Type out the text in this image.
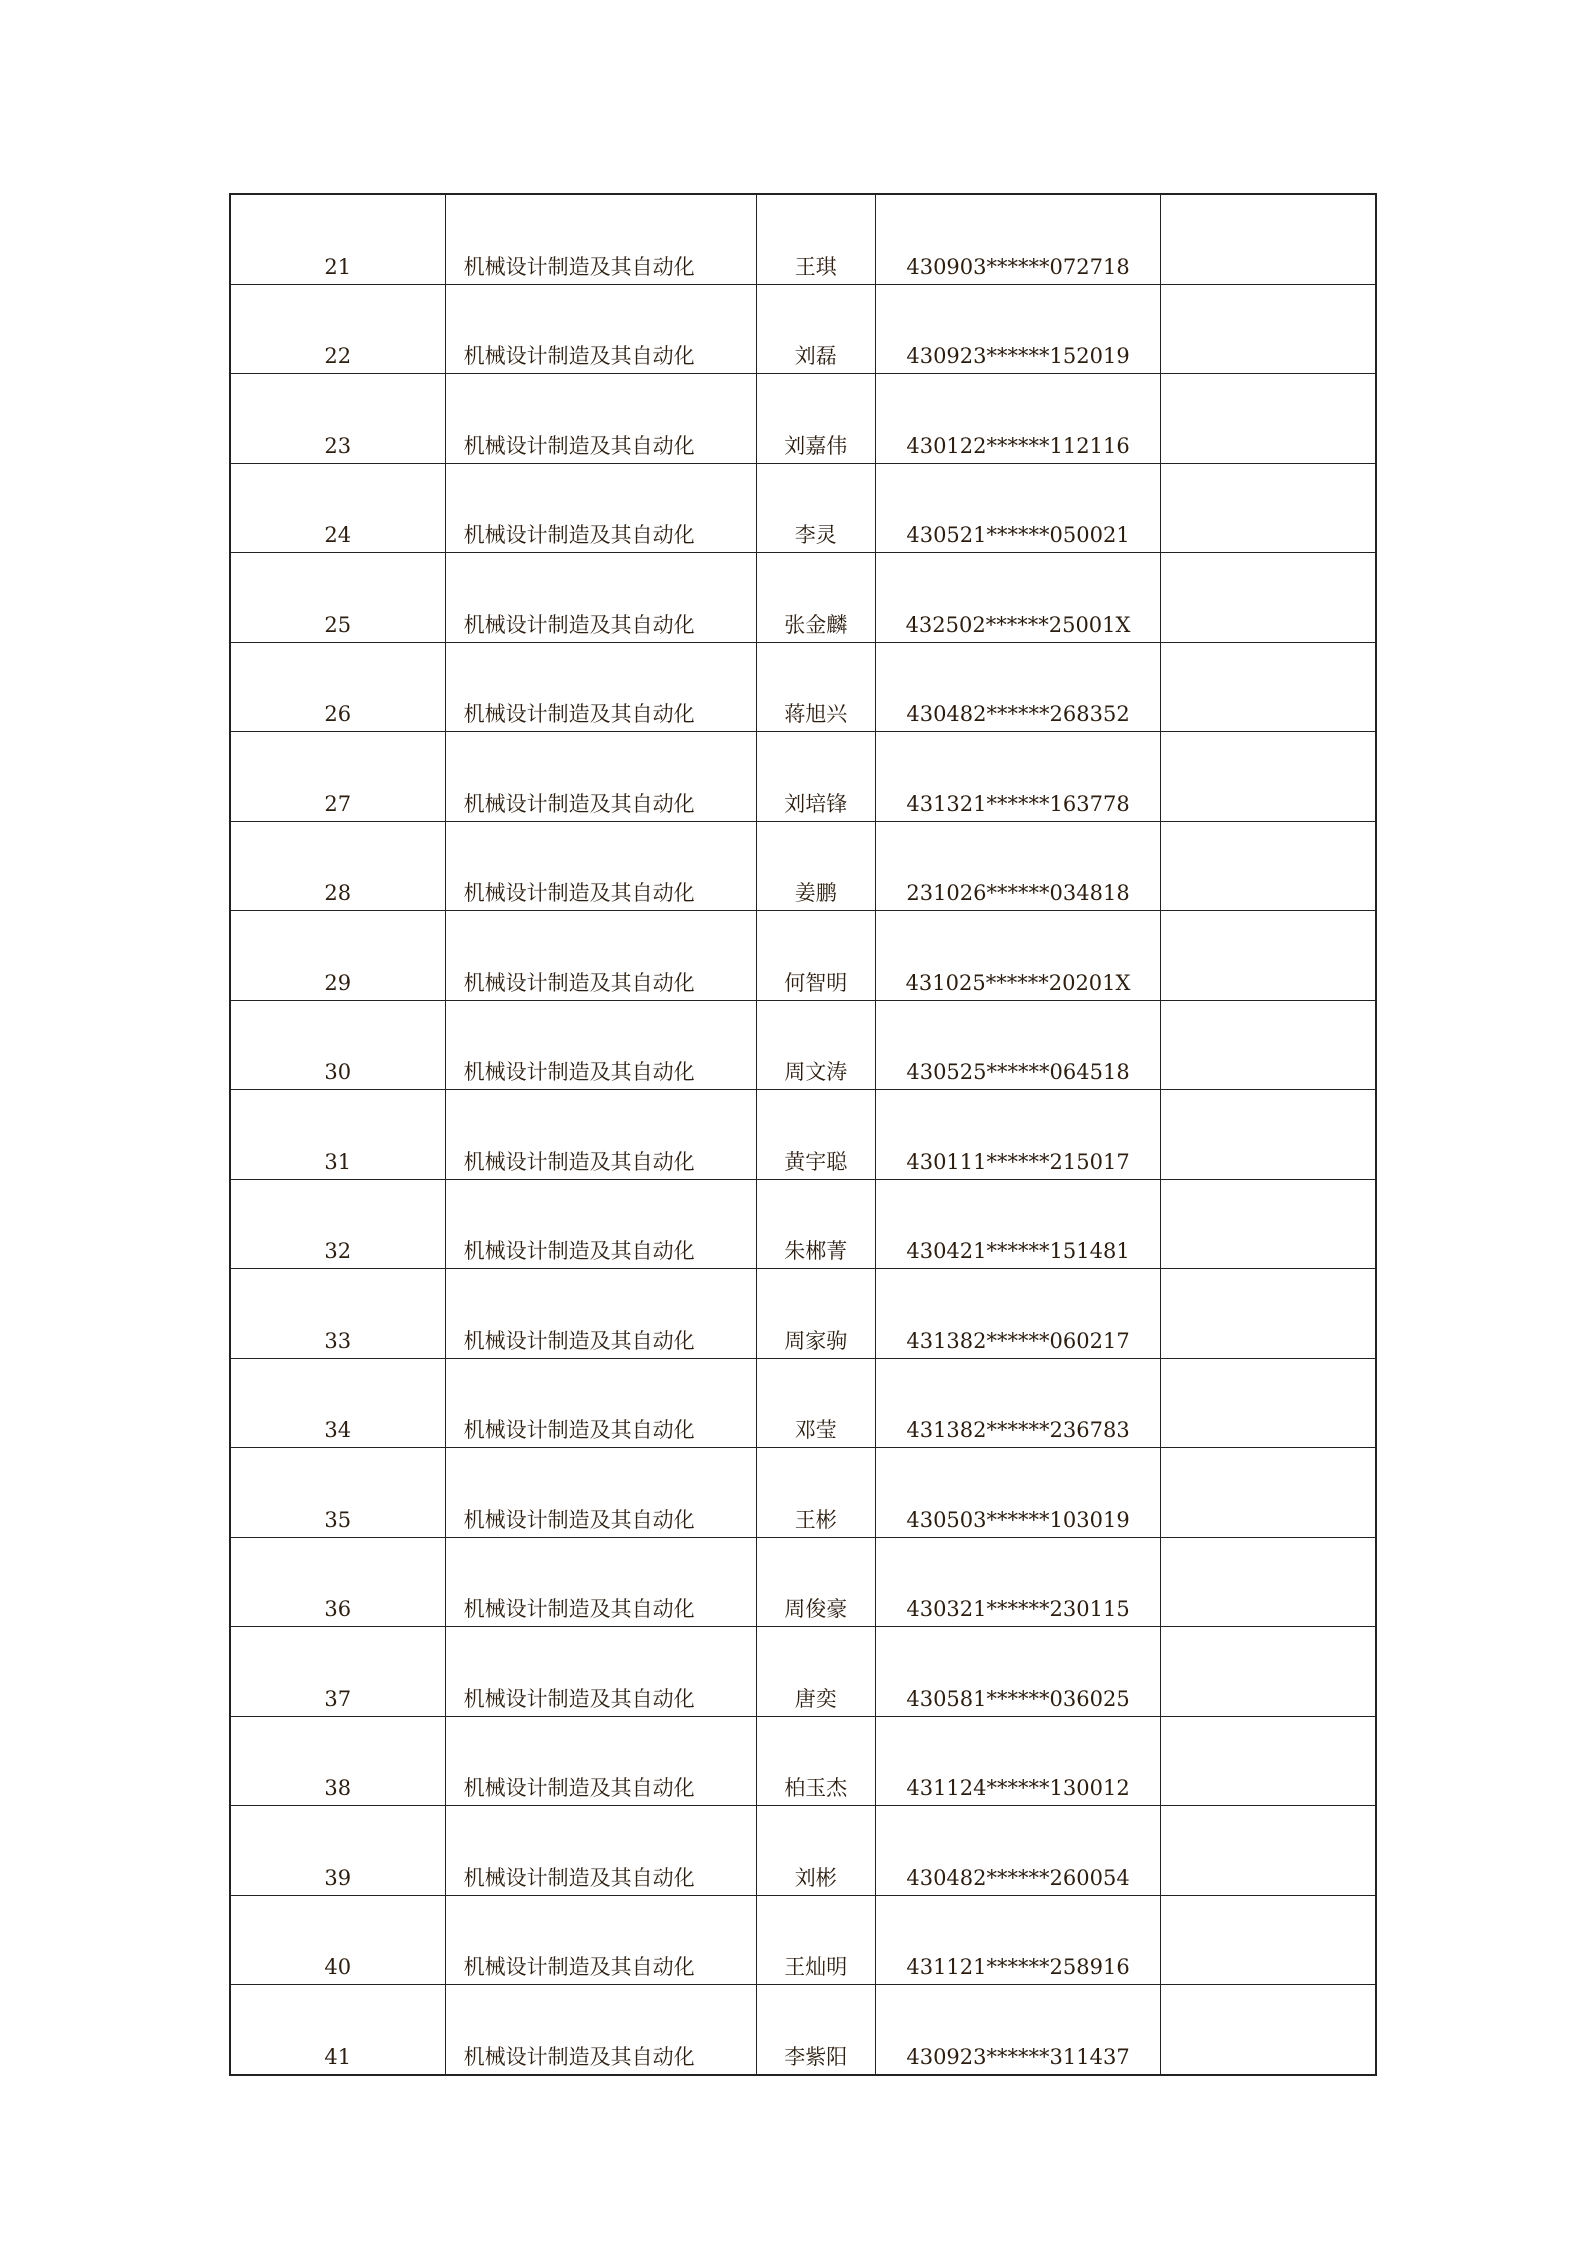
21	机械设计制造及其自动化	王琪	430903******072718	
22	机械设计制造及其自动化	刘磊	430923******152019	
23	机械设计制造及其自动化	刘嘉伟	430122******112116	
24	机械设计制造及其自动化	李灵	430521******050021	
25	机械设计制造及其自动化	张金麟	432502******25001X	
26	机械设计制造及其自动化	蒋旭兴	430482******268352	
27	机械设计制造及其自动化	刘培锋	431321******163778	
28	机械设计制造及其自动化	姜鹏	231026******034818	
29	机械设计制造及其自动化	何智明	431025******20201X	
30	机械设计制造及其自动化	周文涛	430525******064518	
31	机械设计制造及其自动化	黄宇聪	430111******215017	
32	机械设计制造及其自动化	朱郴菁	430421******151481	
33	机械设计制造及其自动化	周家驹	431382******060217	
34	机械设计制造及其自动化	邓莹	431382******236783	
35	机械设计制造及其自动化	王彬	430503******103019	
36	机械设计制造及其自动化	周俊豪	430321******230115	
37	机械设计制造及其自动化	唐奕	430581******036025	
38	机械设计制造及其自动化	柏玉杰	431124******130012	
39	机械设计制造及其自动化	刘彬	430482******260054	
40	机械设计制造及其自动化	王灿明	431121******258916	
41	机械设计制造及其自动化	李紫阳	430923******311437	
